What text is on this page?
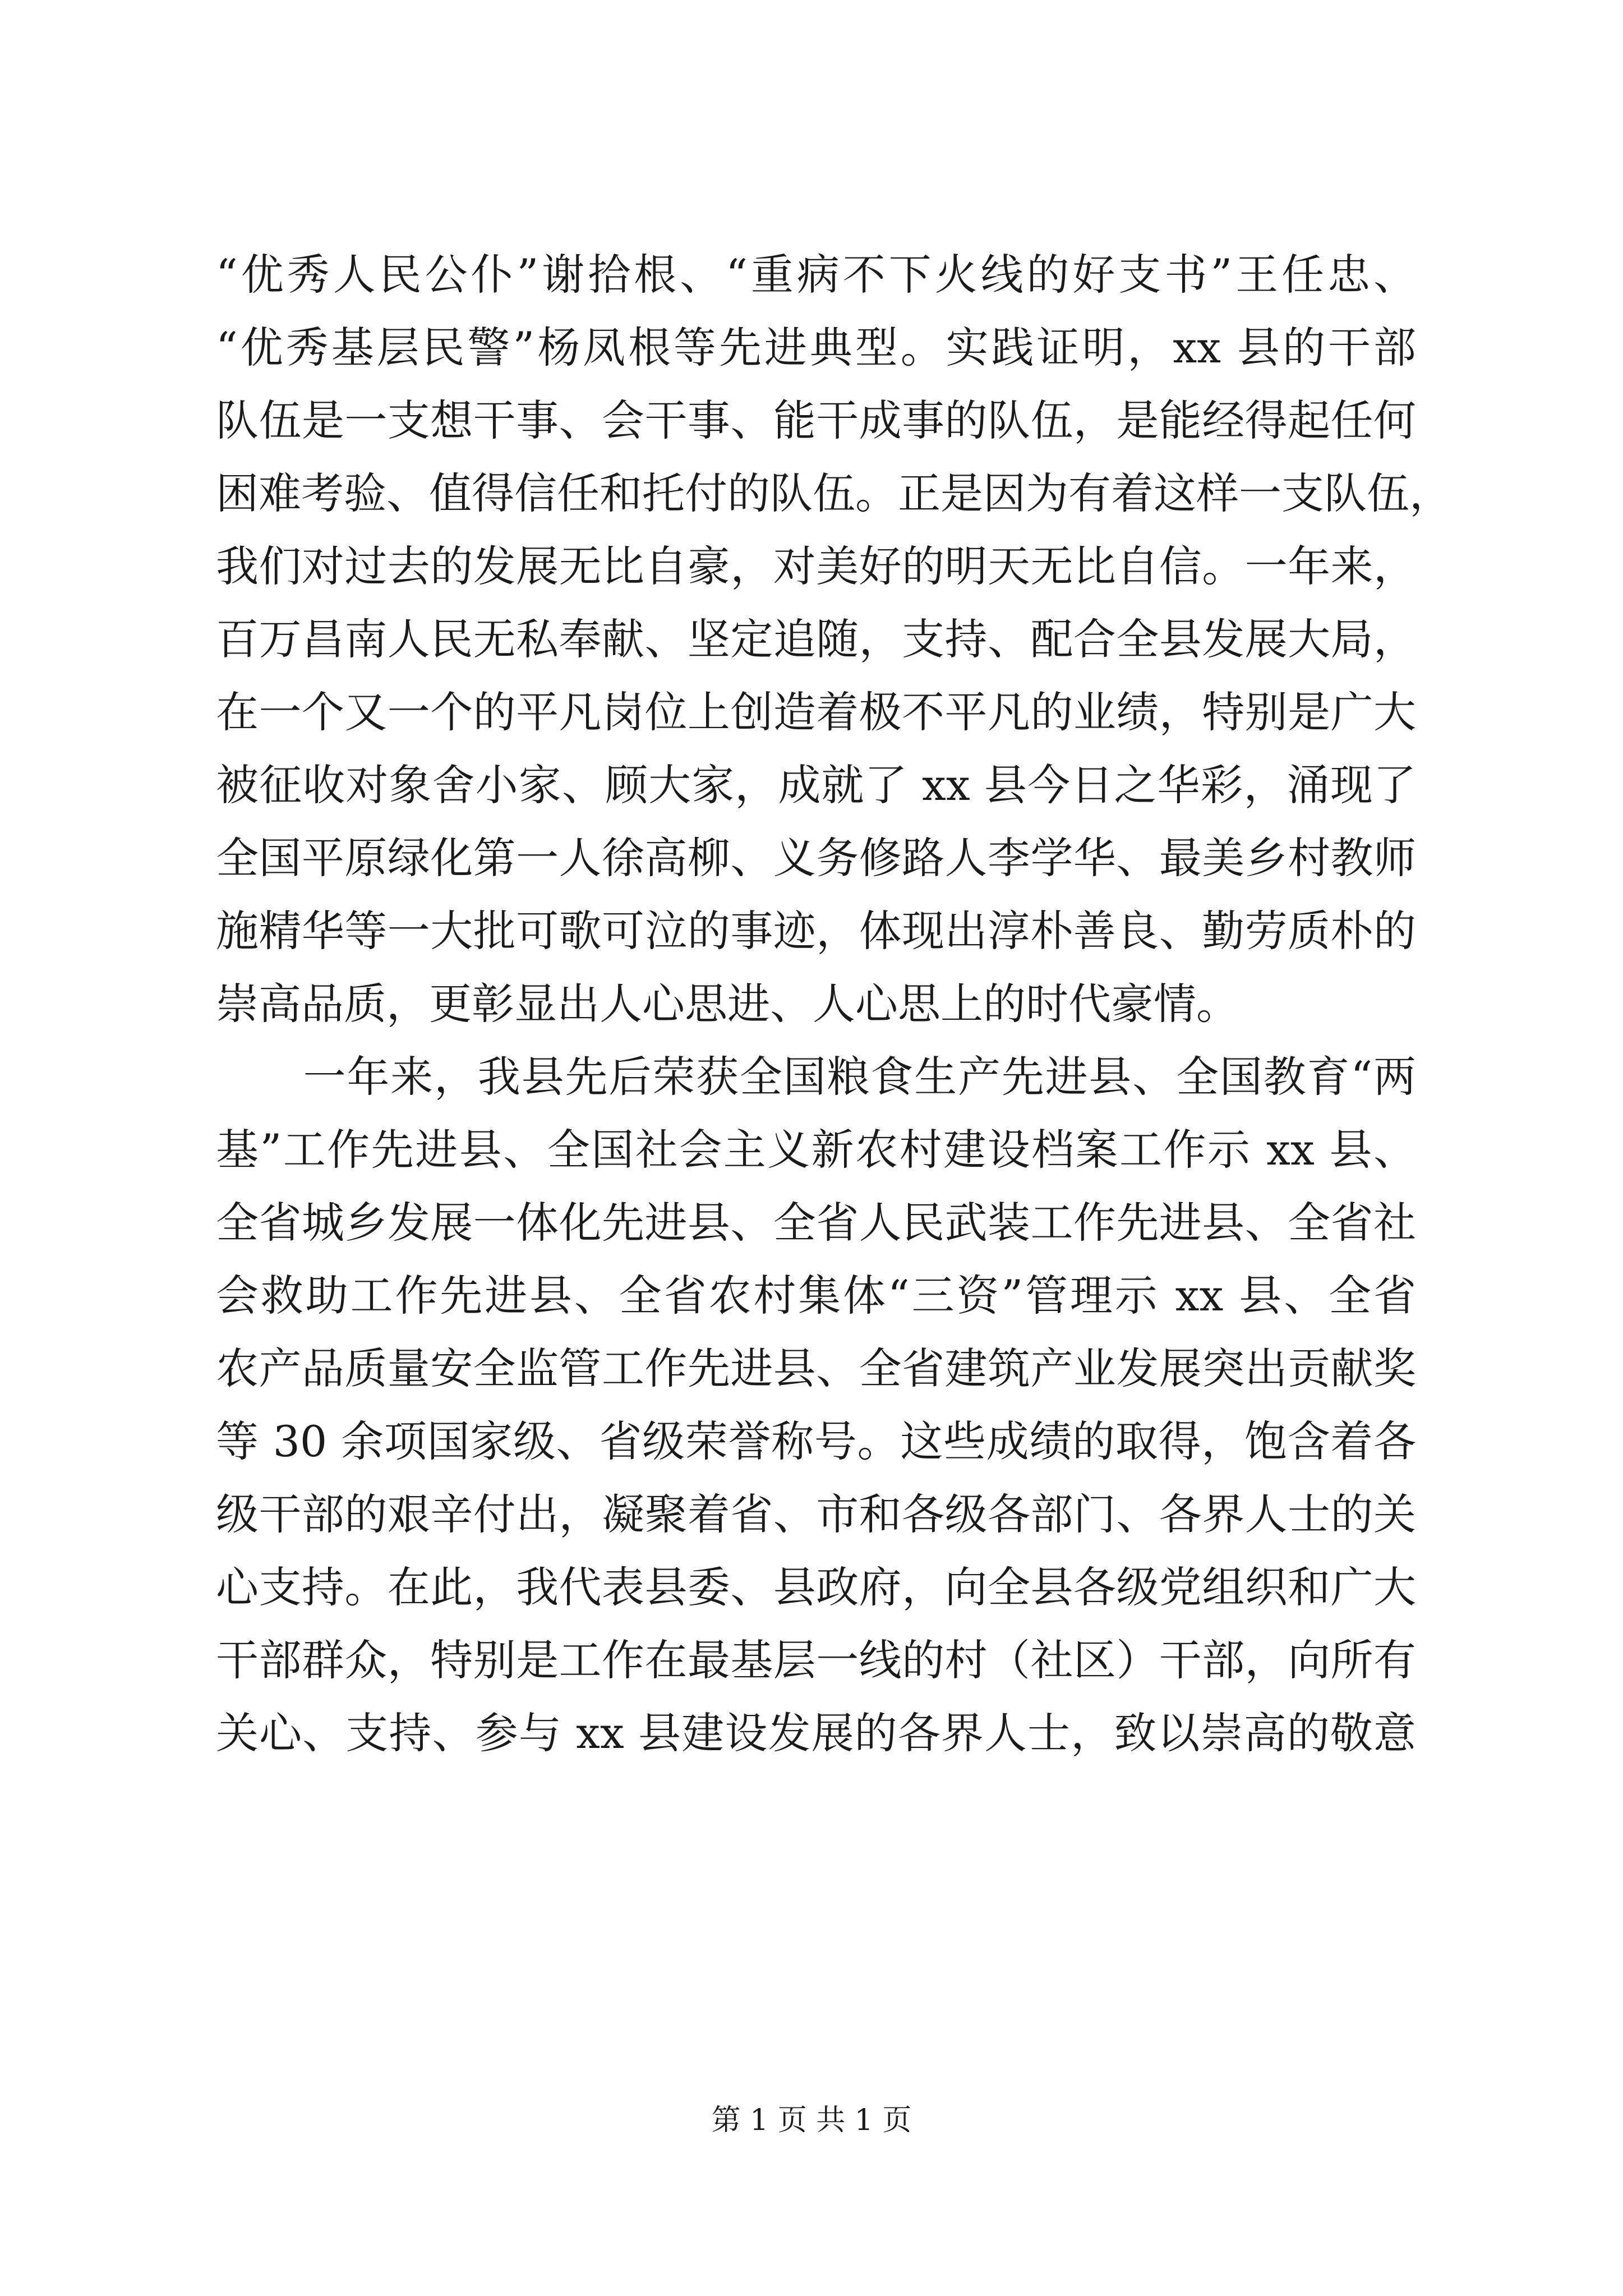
“优秀人民公仆”谢拾根、“重病不下火线的好支书”王任忠、
“优秀基层民警”杨凤根等先进典型。实践证明，xx 县的干部
队伍是一支想干事、会干事、能干成事的队伍，是能经得起任何
困难考验、值得信任和托付的队伍。正是因为有着这样一支队伍，
我们对过去的发展无比自豪，对美好的明天无比自信。一年来，
百万昌南人民无私奉献、坚定追随，支持、配合全县发展大局，
在一个又一个的平凡岗位上创造着极不平凡的业绩，特别是广大
被征收对象舍小家、顾大家，成就了 xx 县今日之华彩，涌现了
全国平原绿化第一人徐高柳、义务修路人李学华、最美乡村教师
施精华等一大批可歌可泣的事迹，体现出淳朴善良、勤劳质朴的
崇高品质，更彰显出人心思进、人心思上的时代豪情。
　　一年来，我县先后荣获全国粮食生产先进县、全国教育“两
基”工作先进县、全国社会主义新农村建设档案工作示 xx 县、
全省城乡发展一体化先进县、全省人民武装工作先进县、全省社
会救助工作先进县、全省农村集体“三资”管理示 xx 县、全省
农产品质量安全监管工作先进县、全省建筑产业发展突出贡献奖
等 30 余项国家级、省级荣誉称号。这些成绩的取得，饱含着各
级干部的艰辛付出，凝聚着省、市和各级各部门、各界人士的关
心支持。在此，我代表县委、县政府，向全县各级党组织和广大
干部群众，特别是工作在最基层一线的村（社区）干部，向所有
关心、支持、参与 xx 县建设发展的各界人士，致以崇高的敬意
第 1 页 共 1 页
